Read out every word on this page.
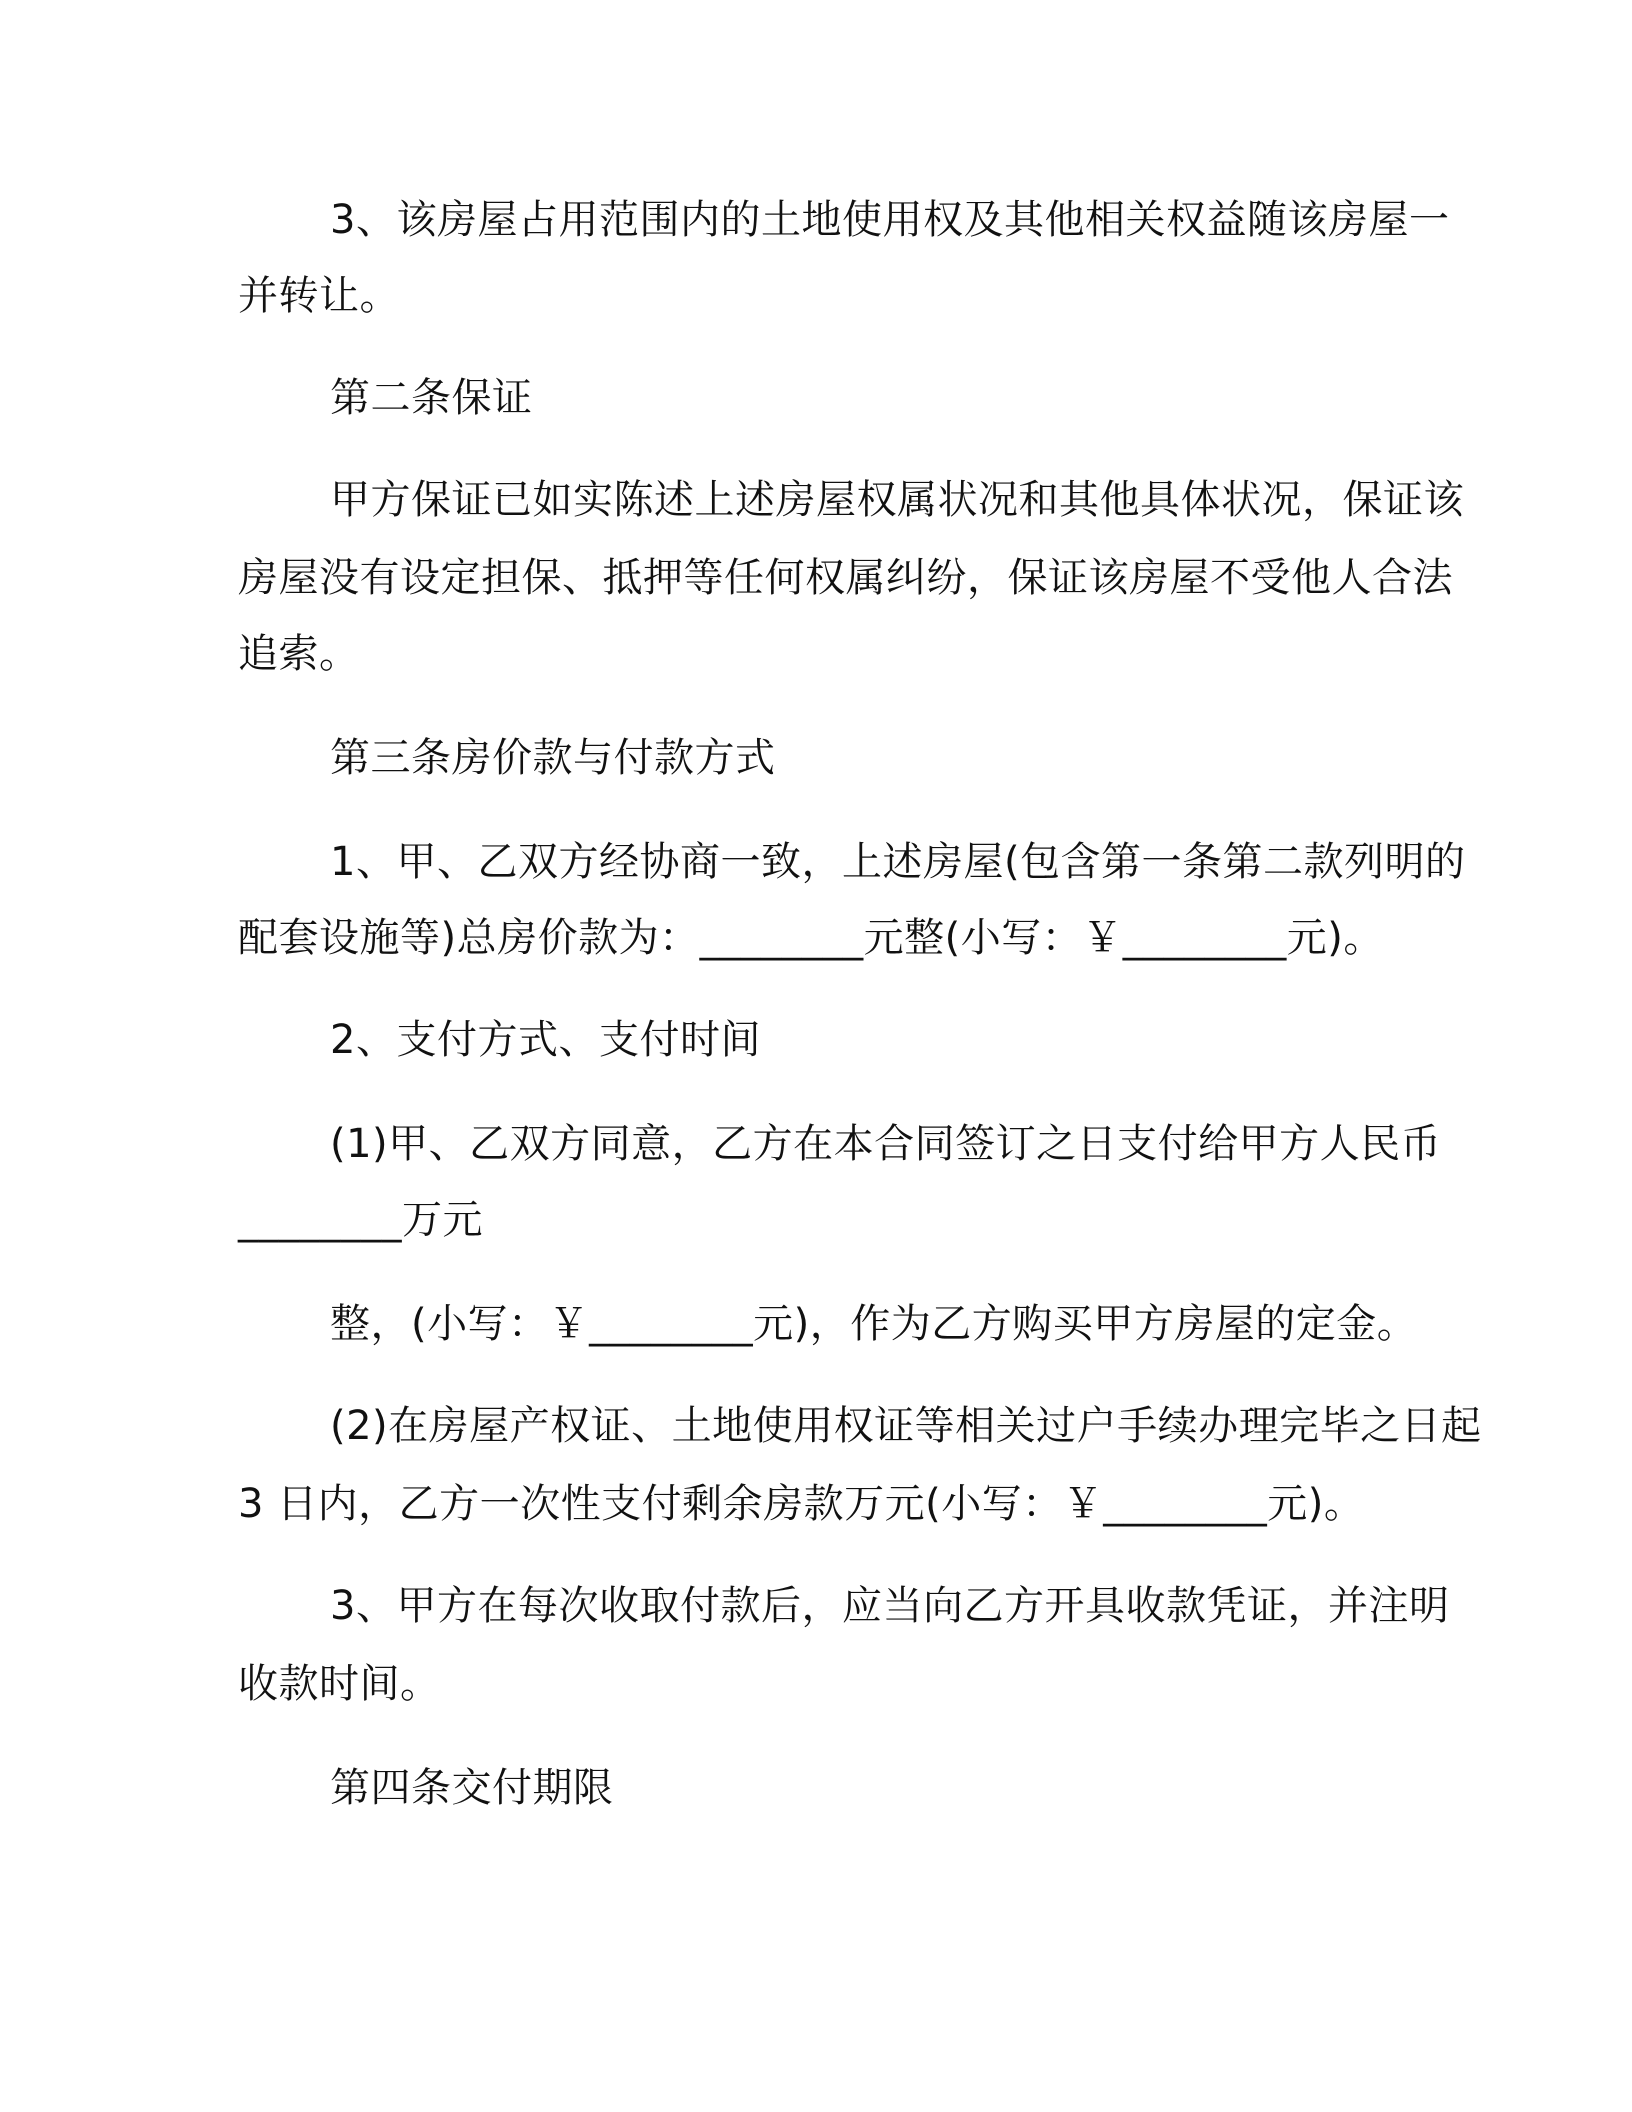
3、该房屋占用范围内的土地使用权及其他相关权益随该房屋一
并转让。
第二条保证
甲方保证已如实陈述上述房屋权属状况和其他具体状况，保证该
房屋没有设定担保、抵押等任何权属纠纷，保证该房屋不受他人合法
追索。
第三条房价款与付款方式
1、甲、乙双方经协商一致，上述房屋(包含第一条第二款列明的
配套设施等)总房价款为：________元整(小写：￥________元)。
2、支付方式、支付时间
(1)甲、乙双方同意，乙方在本合同签订之日支付给甲方人民币
________万元
整，(小写：￥________元)，作为乙方购买甲方房屋的定金。
(2)在房屋产权证、土地使用权证等相关过户手续办理完毕之日起
3 日内，乙方一次性支付剩余房款万元(小写：￥________元)。
3、甲方在每次收取付款后，应当向乙方开具收款凭证，并注明
收款时间。
第四条交付期限
